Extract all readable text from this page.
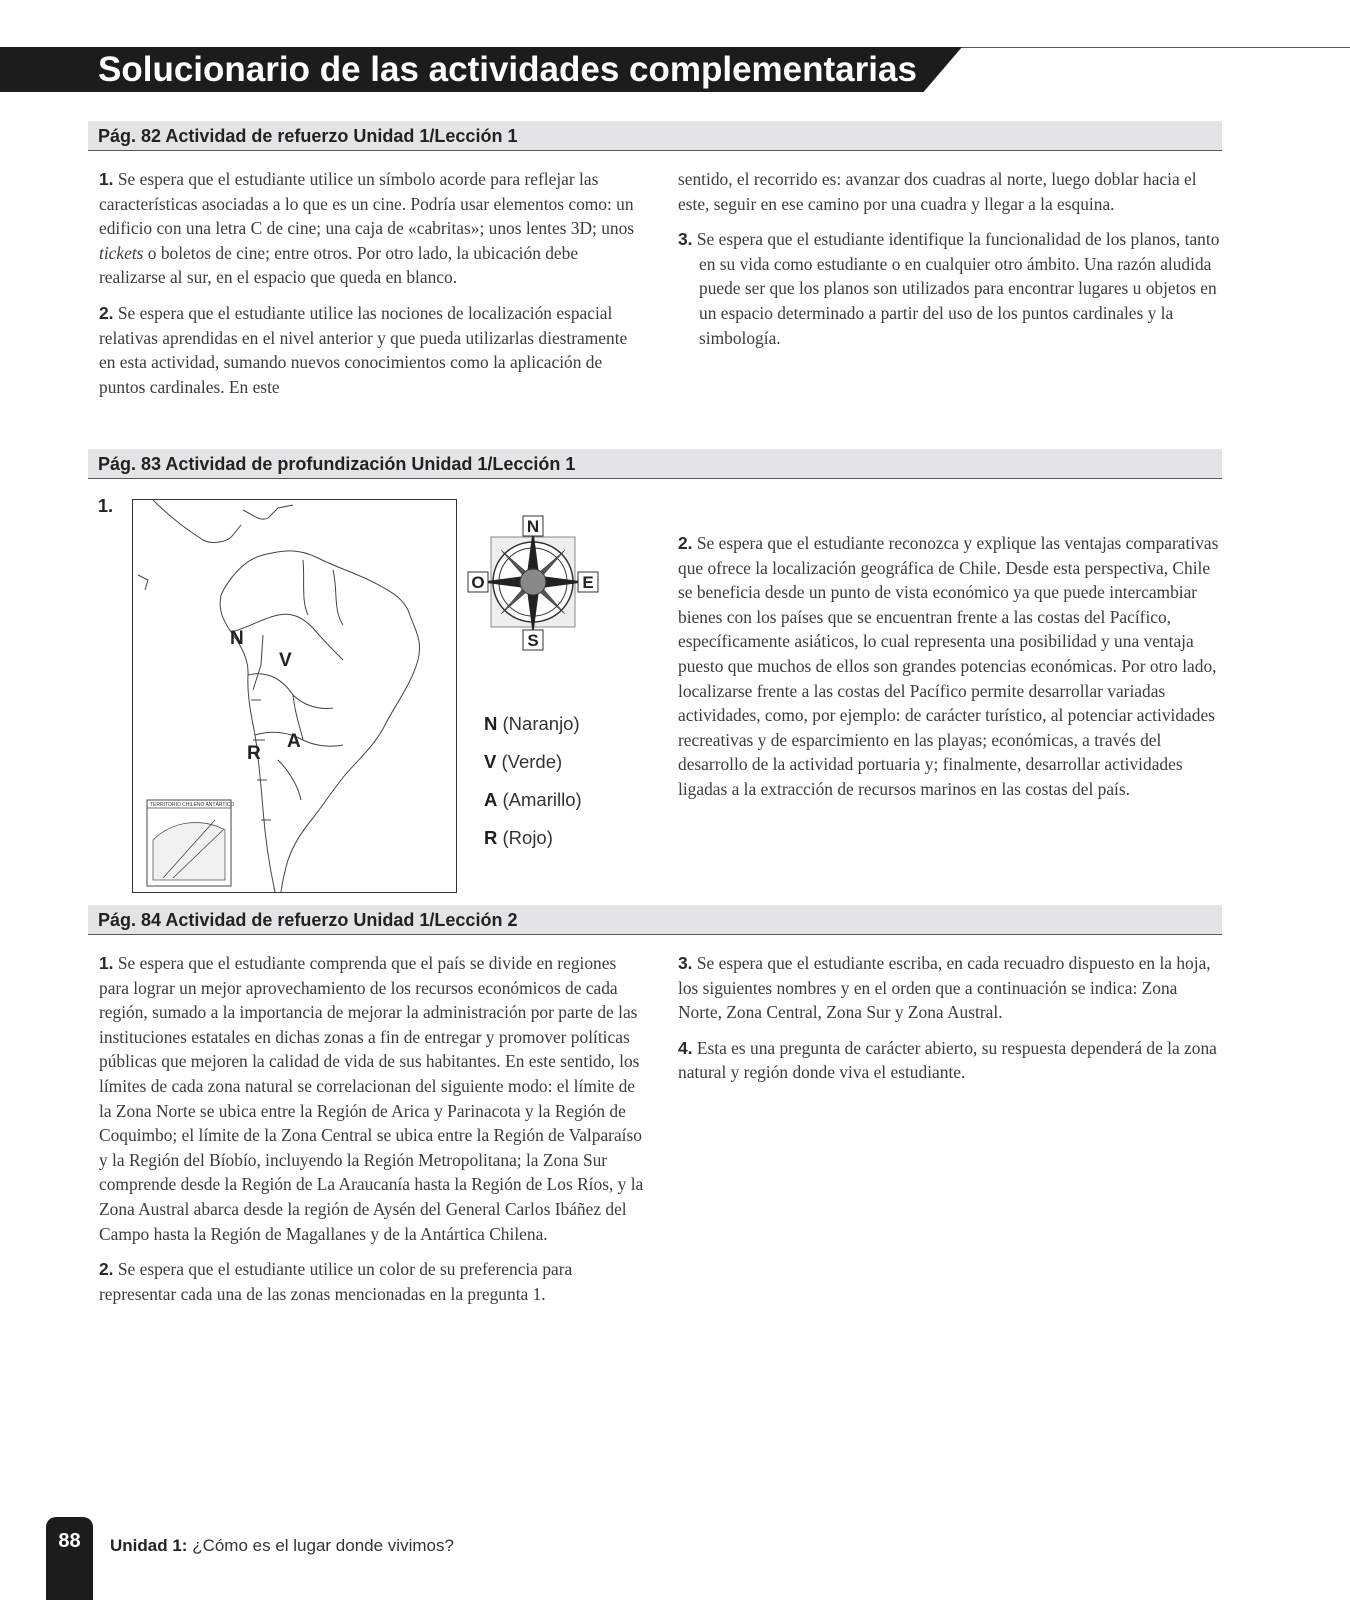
Solucionario de las actividades complementarias
Pág. 82 Actividad de refuerzo Unidad 1/Lección 1

1. Se espera que el estudiante utilice un símbolo acorde para reflejar las características asociadas a lo que es un cine. Podría usar elementos como: un edificio con una letra C de cine; una caja de «cabritas»; unos lentes 3D; unos tickets o boletos de cine; entre otros. Por otro lado, la ubicación debe realizarse al sur, en el espacio que queda en blanco.

2. Se espera que el estudiante utilice las nociones de localización espacial relativas aprendidas en el nivel anterior y que pueda utilizarlas diestramente en esta actividad, sumando nuevos conocimientos como la aplicación de puntos cardinales. En este

sentido, el recorrido es: avanzar dos cuadras al norte, luego doblar hacia el este, seguir en ese camino por una cuadra y llegar a la esquina.

3. Se espera que el estudiante identifique la funcionalidad de los planos, tanto en su vida como estudiante o en cualquier otro ámbito. Una razón aludida puede ser que los planos son utilizados para encontrar lugares u objetos en un espacio determinado a partir del uso de los puntos cardinales y la simbología.

Pág. 83 Actividad de profundización Unidad 1/Lección 1
1.
TERRITORIO CHILENO ANTÁRTICO
N
V
R
A
N
S
O	E
N (Naranjo)
V (Verde)
A (Amarillo)
R (Rojo)

2. Se espera que el estudiante reconozca y explique las ventajas comparativas que ofrece la localización geográfica de Chile. Desde esta perspectiva, Chile se beneficia desde un punto de vista económico ya que puede intercambiar bienes con los países que se encuentran frente a las costas del Pacífico, específicamente asiáticos, lo cual representa una posibilidad y una ventaja puesto que muchos de ellos son grandes potencias económicas. Por otro lado, localizarse frente a las costas del Pacífico permite desarrollar variadas actividades, como, por ejemplo: de carácter turístico, al potenciar actividades recreativas y de esparcimiento en las playas; económicas, a través del desarrollo de la actividad portuaria y; finalmente, desarrollar actividades ligadas a la extracción de recursos marinos en las costas del país.

Pág. 84 Actividad de refuerzo Unidad 1/Lección 2

1. Se espera que el estudiante comprenda que el país se divide en regiones para lograr un mejor aprovechamiento de los recursos económicos de cada región, sumado a la importancia de mejorar la administración por parte de las instituciones estatales en dichas zonas a fin de entregar y promover políticas públicas que mejoren la calidad de vida de sus habitantes. En este sentido, los límites de cada zona natural se correlacionan del siguiente modo: el límite de la Zona Norte se ubica entre la Región de Arica y Parinacota y la Región de Coquimbo; el límite de la Zona Central se ubica entre la Región de Valparaíso y la Región del Bíobío, incluyendo la Región Metropolitana; la Zona Sur comprende desde la Región de La Araucanía hasta la Región de Los Ríos, y la Zona Austral abarca desde la región de Aysén del General Carlos Ibáñez del Campo hasta la Región de Magallanes y de la Antártica Chilena.

2. Se espera que el estudiante utilice un color de su preferencia para representar cada una de las zonas mencionadas en la pregunta 1.

3. Se espera que el estudiante escriba, en cada recuadro dispuesto en la hoja, los siguientes nombres y en el orden que a continuación se indica: Zona Norte, Zona Central, Zona Sur y Zona Austral.

4. Esta es una pregunta de carácter abierto, su respuesta dependerá de la zona natural y región donde viva el estudiante.

88	Unidad 1: ¿Cómo es el lugar donde vivimos?
